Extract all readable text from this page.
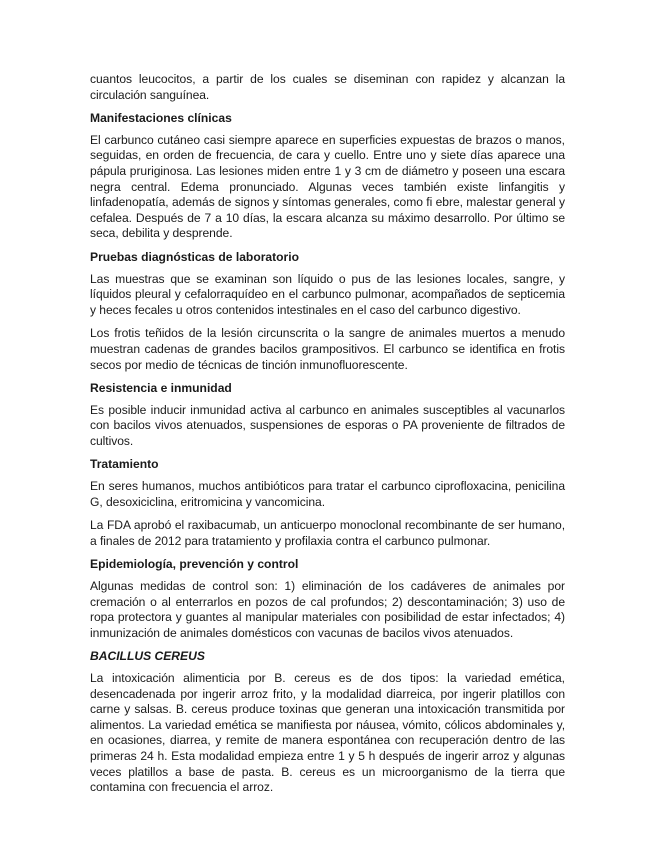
cuantos leucocitos, a partir de los cuales se diseminan con rapidez y alcanzan la circulación sanguínea.

Manifestaciones clínicas

El carbunco cutáneo casi siempre aparece en superficies expuestas de brazos o manos, seguidas, en orden de frecuencia, de cara y cuello. Entre uno y siete días aparece una pápula pruriginosa. Las lesiones miden entre 1 y 3 cm de diámetro y poseen una escara negra central. Edema pronunciado. Algunas veces también existe linfangitis y linfadenopatía, además de signos y síntomas generales, como fi ebre, malestar general y cefalea. Después de 7 a 10 días, la escara alcanza su máximo desarrollo. Por último se seca, debilita y desprende.

Pruebas diagnósticas de laboratorio

Las muestras que se examinan son líquido o pus de las lesiones locales, sangre, y líquidos pleural y cefalorraquídeo en el carbunco pulmonar, acompañados de septicemia y heces fecales u otros contenidos intestinales en el caso del carbunco digestivo.

Los frotis teñidos de la lesión circunscrita o la sangre de animales muertos a menudo muestran cadenas de grandes bacilos grampositivos. El carbunco se identifica en frotis secos por medio de técnicas de tinción inmunofluorescente.

Resistencia e inmunidad

Es posible inducir inmunidad activa al carbunco en animales susceptibles al vacunarlos con bacilos vivos atenuados, suspensiones de esporas o PA proveniente de filtrados de cultivos.

Tratamiento

En seres humanos, muchos antibióticos para tratar el carbunco ciprofloxacina, penicilina G, desoxiciclina, eritromicina y vancomicina.

La FDA aprobó el raxibacumab, un anticuerpo monoclonal recombinante de ser humano, a finales de 2012 para tratamiento y profilaxia contra el carbunco pulmonar.

Epidemiología, prevención y control

Algunas medidas de control son: 1) eliminación de los cadáveres de animales por cremación o al enterrarlos en pozos de cal profundos; 2) descontaminación; 3) uso de ropa protectora y guantes al manipular materiales con posibilidad de estar infectados; 4) inmunización de animales domésticos con vacunas de bacilos vivos atenuados.

BACILLUS CEREUS

La intoxicación alimenticia por B. cereus es de dos tipos: la variedad emética, desencadenada por ingerir arroz frito, y la modalidad diarreica, por ingerir platillos con carne y salsas. B. cereus produce toxinas que generan una intoxicación transmitida por alimentos. La variedad emética se manifiesta por náusea, vómito, cólicos abdominales y, en ocasiones, diarrea, y remite de manera espontánea con recuperación dentro de las primeras 24 h. Esta modalidad empieza entre 1 y 5 h después de ingerir arroz y algunas veces platillos a base de pasta. B. cereus es un microorganismo de la tierra que contamina con frecuencia el arroz.
